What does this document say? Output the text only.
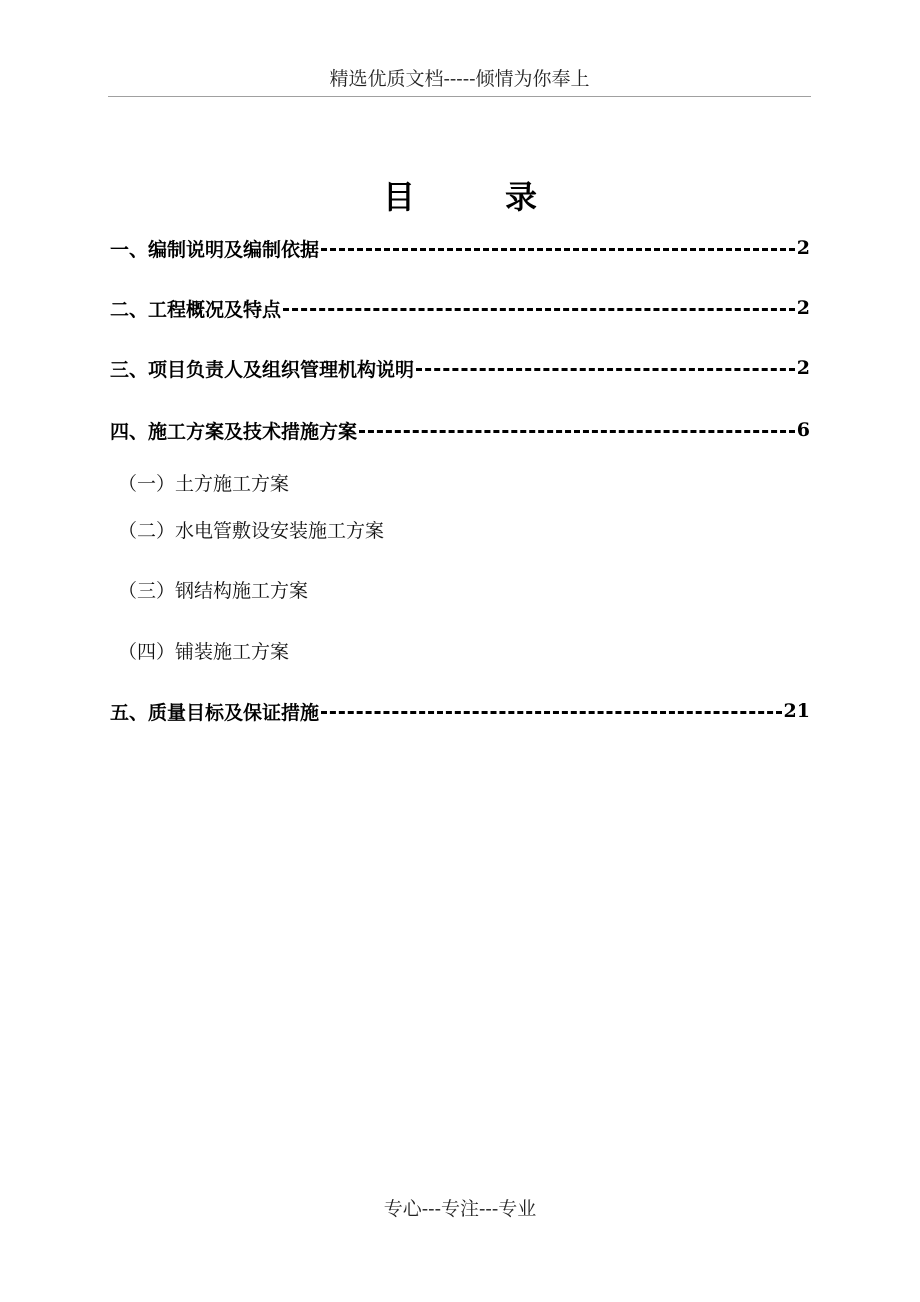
精选优质文档-----倾情为你奉上
目	录
一、编制说明及编制依据	2
二、工程概况及特点	2
三、项目负责人及组织管理机构说明	2
四、施工方案及技术措施方案	6
（一）土方施工方案
（二）水电管敷设安装施工方案
（三）钢结构施工方案
（四）铺装施工方案
五、质量目标及保证措施	21
专心---专注---专业
